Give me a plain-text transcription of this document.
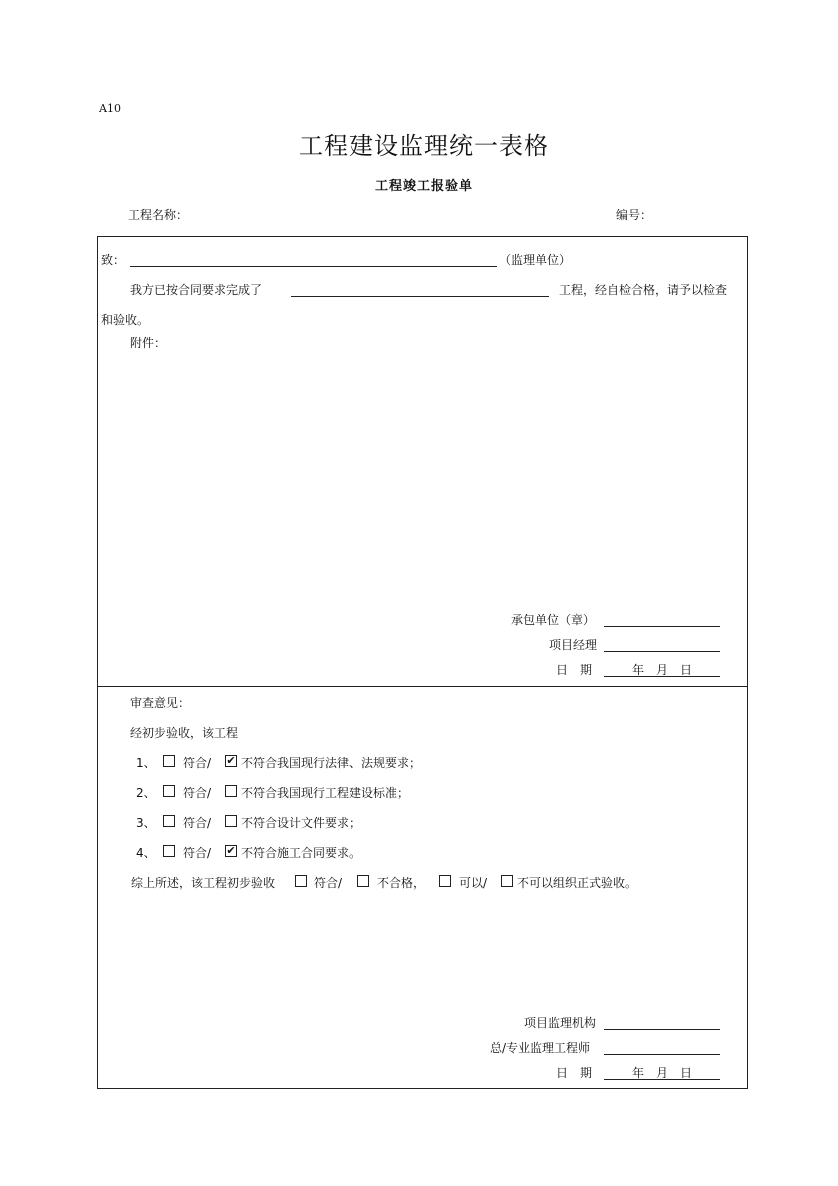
A10
工程建设监理统一表格
工程竣工报验单
工程名称：	编号：
致：	（监理单位）
我方已按合同要求完成了	工程，经自检合格，请予以检查
和验收。
附件：
承包单位（章）
项目经理
日　期	年　月　日
审查意见：
经初步验收，该工程
1、 符合/ ✔ 不符合我国现行法律、法规要求；
2、 符合/ 不符合我国现行工程建设标准；
3、 符合/ 不符合设计文件要求；
4、 符合/ ✔ 不符合施工合同要求。
综上所述，该工程初步验收	符合/	不合格，	可以/ 不可以组织正式验收。
项目监理机构
总/专业监理工程师
日　期	年　月　日
